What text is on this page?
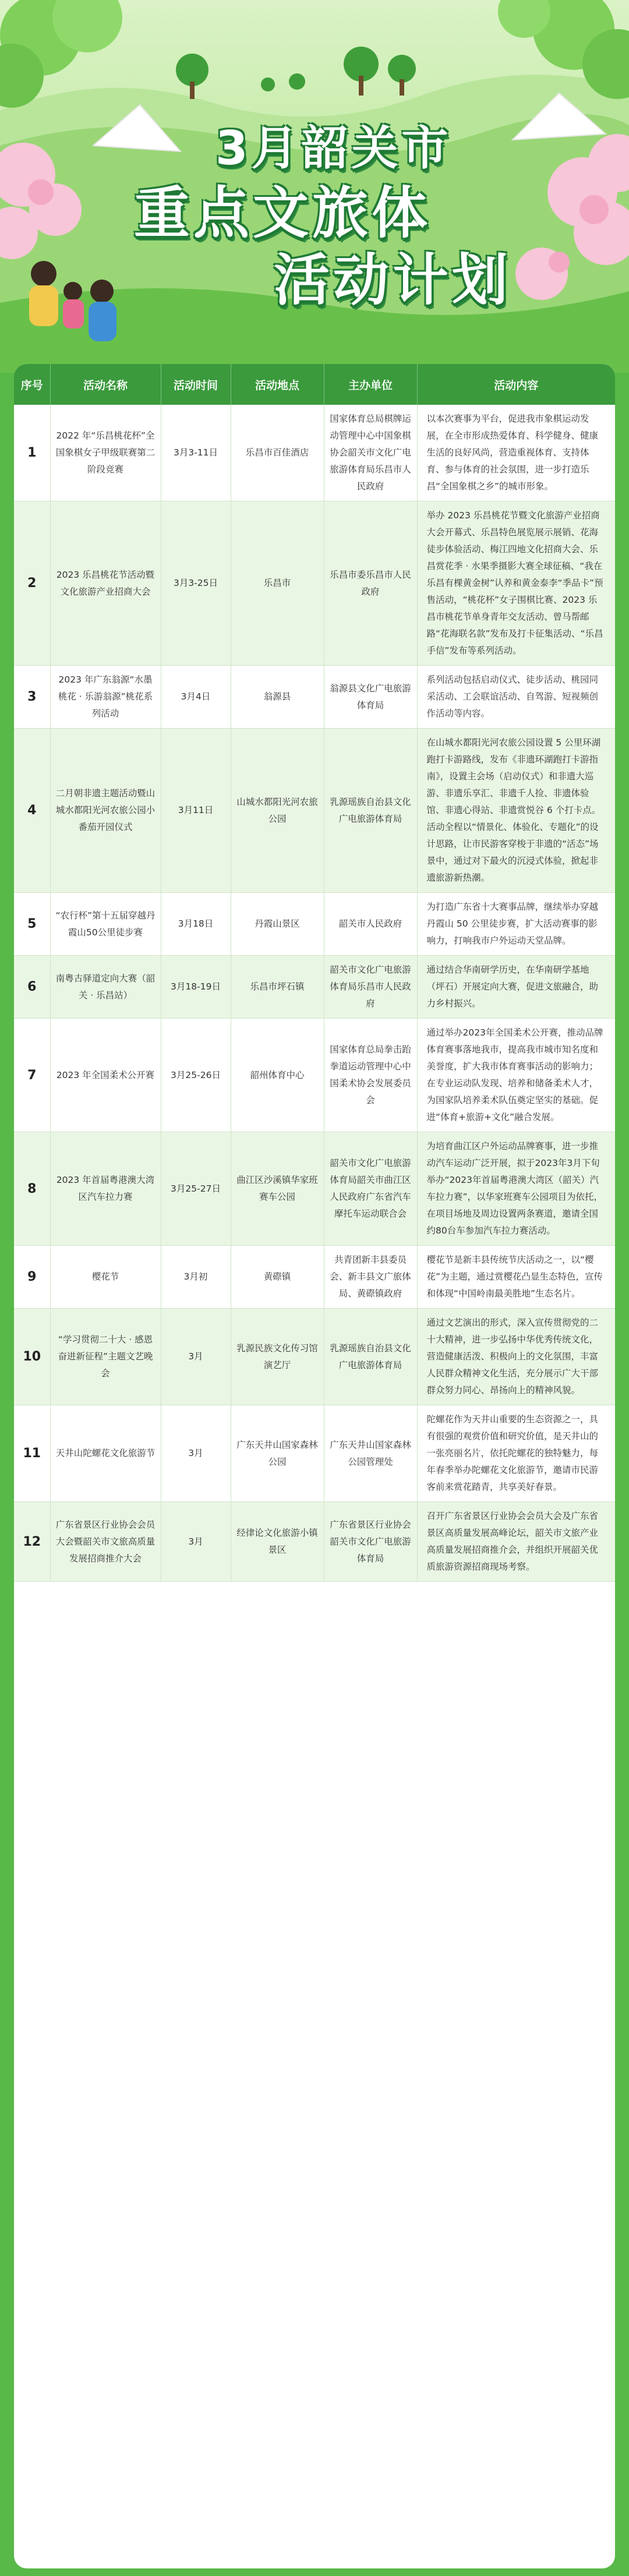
3月韶关市
重点文旅体
活动计划
序号	活动名称	活动时间	活动地点	主办单位	活动内容
1	2022 年“乐昌桃花杯”全国象棋女子甲级联赛第二阶段竞赛	3月3-11日	乐昌市百佳酒店	国家体育总局棋牌运动管理中心中国象棋协会韶关市文化广电旅游体育局乐昌市人民政府	以本次赛事为平台，促进我市象棋运动发展，在全市形成热爱体育、科学健身、健康生活的良好风尚，营造重视体育、支持体育、参与体育的社会氛围，进一步打造乐昌“全国象棋之乡”的城市形象。
2	2023 乐昌桃花节活动暨文化旅游产业招商大会	3月3-25日	乐昌市	乐昌市委乐昌市人民政府	举办 2023 乐昌桃花节暨文化旅游产业招商大会开幕式、乐昌特色展览展示展销、花海徒步体验活动、梅江四地文化招商大会、乐昌赏花季 · 水果季摄影大赛全球征稿、“我在乐昌有棵黄金树”认养和黄金泰李“季品卡”预售活动，“桃花杯”女子围棋比赛、2023 乐昌市桃花节单身青年交友活动、曾马帮邮路“花海联名款”发布及打卡征集活动、“乐昌手信”发布等系列活动。
3	2023 年广东翁源“水墨桃花 · 乐游翁源”桃花系列活动	3月4日	翁源县	翁源县文化广电旅游体育局	系列活动包括启动仪式、徒步活动、桃园同采活动、工会联谊活动、自驾游、短视频创作活动等内容。
4	二月朝非遗主题活动暨山城水都阳光河农旅公园小番茄开园仪式	3月11日	山城水都阳光河农旅公园	乳源瑶族自治县文化广电旅游体育局	在山城水都阳光河农旅公园设置 5 公里环湖跑打卡游路线，发布《非遗环湖跑打卡游指南》，设置主会场（启动仪式）和非遗大巡游、非遗乐享汇、非遗千人捡、非遗体验馆、非遗心得站、非遗赏悦谷 6 个打卡点。活动全程以“情景化、体验化、专题化”的设计思路，让市民游客穿梭于非遗的“活态”场景中，通过对下最火的沉浸式体验，掀起非遗旅游新热潮。
5	“农行杯”第十五届穿越丹霞山50公里徒步赛	3月18日	丹霞山景区	韶关市人民政府	为打造广东省十大赛事品牌，继续举办穿越丹霞山 50 公里徒步赛，扩大活动赛事的影响力，打响我市户外运动天堂品牌。
6	南粤古驿道定向大赛（韶关 · 乐昌站）	3月18-19日	乐昌市坪石镇	韶关市文化广电旅游体育局乐昌市人民政府	通过结合华南研学历史，在华南研学基地（坪石）开展定向大赛，促进文旅融合，助力乡村振兴。
7	2023 年全国柔术公开赛	3月25-26日	韶州体育中心	国家体育总局拳击跆拳道运动管理中心中国柔术协会发展委员会	通过举办2023年全国柔术公开赛，推动品牌体育赛事落地我市，提高我市城市知名度和美誉度，扩大我市体育赛事活动的影响力；在专业运动队发现、培养和储备柔术人才，为国家队培养柔术队伍奠定坚实的基础。促进“体育+旅游+文化”融合发展。
8	2023 年首届粤港澳大湾区汽车拉力赛	3月25-27日	曲江区沙溪镇华家班赛车公园	韶关市文化广电旅游体育局韶关市曲江区人民政府广东省汽车摩托车运动联合会	为培育曲江区户外运动品牌赛事，进一步推动汽车运动广泛开展，拟于2023年3月下旬举办“2023年首届粤港澳大湾区（韶关）汽车拉力赛”，以华家班赛车公园项目为依托，在项目场地及周边设置两条赛道，邀请全国约80台车参加汽车拉力赛活动。
9	樱花节	3月初	黄磜镇	共青团新丰县委员会、新丰县文广旅体局、黄磜镇政府	樱花节是新丰县传统节庆活动之一，以“樱花”为主题，通过赏樱花凸显生态特色，宣传和体现“中国岭南最美胜地”生态名片。
10	“学习贯彻二十大 · 感恩奋进新征程”主题文艺晚会	3月	乳源民族文化传习馆演艺厅	乳源瑶族自治县文化广电旅游体育局	通过文艺演出的形式，深入宣传贯彻党的二十大精神，进一步弘扬中华优秀传统文化，营造健康活泼、积极向上的文化氛围，丰富人民群众精神文化生活，充分展示广大干部群众努力同心、昂扬向上的精神风貌。
11	天井山陀螺花文化旅游节	3月	广东天井山国家森林公园	广东天井山国家森林公园管理处	陀螺花作为天井山重要的生态资源之一，具有很强的观赏价值和研究价值，是天井山的一张亮丽名片，依托陀螺花的独特魅力，每年春季举办陀螺花文化旅游节，邀请市民游客前来赏花踏青，共享美好春景。
12	广东省景区行业协会会员大会暨韶关市文旅高质量发展招商推介大会	3月	经律论文化旅游小镇景区	广东省景区行业协会韶关市文化广电旅游体育局	召开广东省景区行业协会会员大会及广东省景区高质量发展高峰论坛，韶关市文旅产业高质量发展招商推介会，并组织开展韶关优质旅游资源招商现场考察。
